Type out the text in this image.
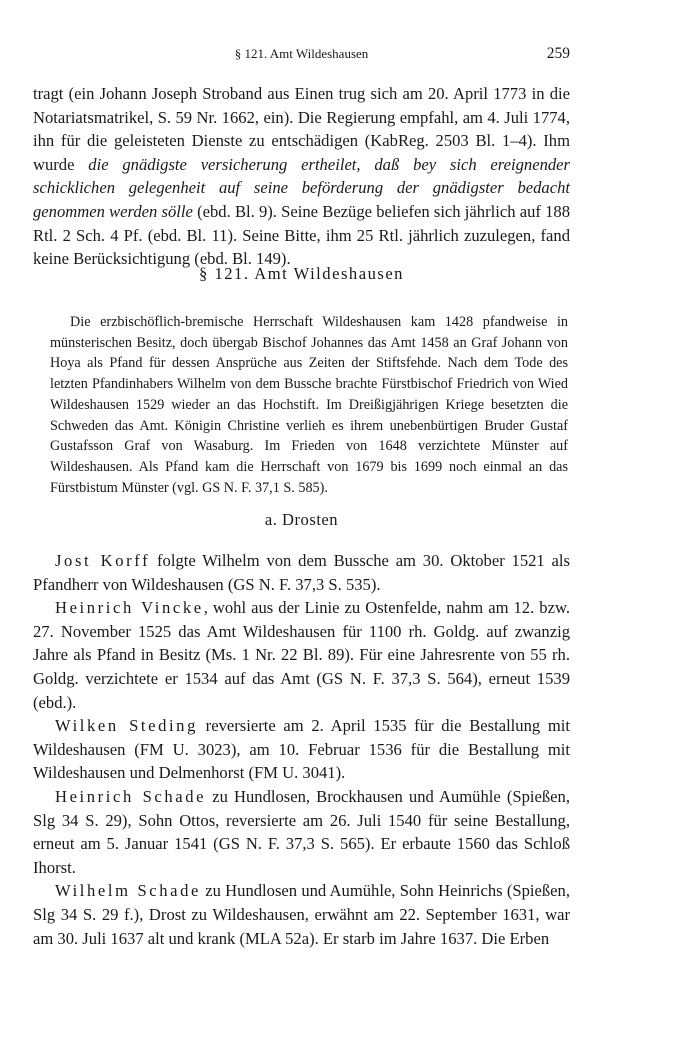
§ 121. Amt Wildeshausen	259

tragt (ein Johann Joseph Stroband aus Einen trug sich am 20. April 1773 in die Notariatsmatrikel, S. 59 Nr. 1662, ein). Die Regierung empfahl, am 4. Juli 1774, ihn für die geleisteten Dienste zu entschädigen (KabReg. 2503 Bl. 1–4). Ihm wurde die gnädigste versicherung ertheilet, daß bey sich ereignender schicklichen gelegenheit auf seine beförderung der gnädigster bedacht genommen werden sölle (ebd. Bl. 9). Seine Bezüge beliefen sich jährlich auf 188 Rtl. 2 Sch. 4 Pf. (ebd. Bl. 11). Seine Bitte, ihm 25 Rtl. jährlich zuzulegen, fand keine Berücksichtigung (ebd. Bl. 149).

§ 121. Amt Wildeshausen

Die erzbischöflich-bremische Herrschaft Wildeshausen kam 1428 pfandweise in münsterischen Besitz, doch übergab Bischof Johannes das Amt 1458 an Graf Johann von Hoya als Pfand für dessen Ansprüche aus Zeiten der Stiftsfehde. Nach dem Tode des letzten Pfandinhabers Wilhelm von dem Bussche brachte Fürstbischof Friedrich von Wied Wildeshausen 1529 wieder an das Hochstift. Im Dreißigjährigen Kriege besetzten die Schweden das Amt. Königin Christine verlieh es ihrem unebenbürtigen Bruder Gustaf Gustafsson Graf von Wasaburg. Im Frieden von 1648 verzichtete Münster auf Wildeshausen. Als Pfand kam die Herrschaft von 1679 bis 1699 noch einmal an das Fürstbistum Münster (vgl. GS N. F. 37,1 S. 585).

a. Drosten

Jost Korff folgte Wilhelm von dem Bussche am 30. Oktober 1521 als Pfandherr von Wildeshausen (GS N. F. 37,3 S. 535).

Heinrich Vincke, wohl aus der Linie zu Ostenfelde, nahm am 12. bzw. 27. November 1525 das Amt Wildeshausen für 1100 rh. Goldg. auf zwanzig Jahre als Pfand in Besitz (Ms. 1 Nr. 22 Bl. 89). Für eine Jahresrente von 55 rh. Goldg. verzichtete er 1534 auf das Amt (GS N. F. 37,3 S. 564), erneut 1539 (ebd.).

Wilken Steding reversierte am 2. April 1535 für die Bestallung mit Wildeshausen (FM U. 3023), am 10. Februar 1536 für die Bestallung mit Wildeshausen und Delmenhorst (FM U. 3041).

Heinrich Schade zu Hundlosen, Brockhausen und Aumühle (Spießen, Slg 34 S. 29), Sohn Ottos, reversierte am 26. Juli 1540 für seine Bestallung, erneut am 5. Januar 1541 (GS N. F. 37,3 S. 565). Er erbaute 1560 das Schloß Ihorst.

Wilhelm Schade zu Hundlosen und Aumühle, Sohn Heinrichs (Spießen, Slg 34 S. 29 f.), Drost zu Wildeshausen, erwähnt am 22. September 1631, war am 30. Juli 1637 alt und krank (MLA 52a). Er starb im Jahre 1637. Die Erben
